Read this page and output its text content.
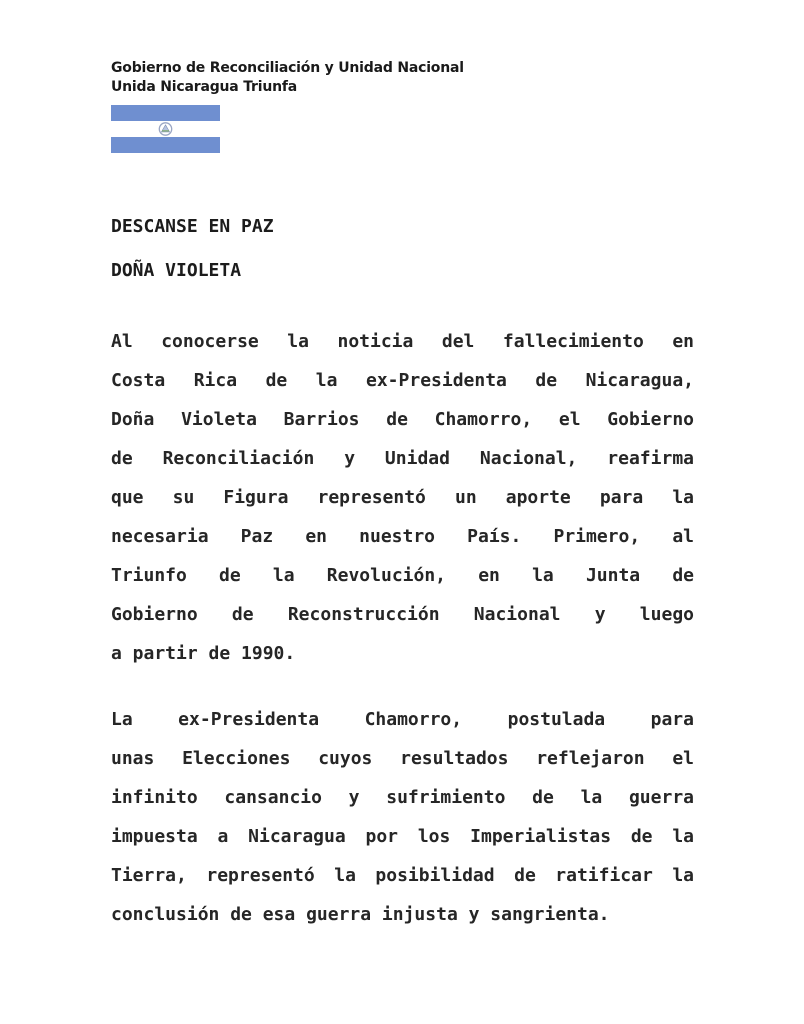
Gobierno de Reconciliación y Unidad Nacional
Unida Nicaragua Triunfa
DESCANSE EN PAZ
DOÑA VIOLETA
Al conocerse la noticia del fallecimiento en
Costa Rica de la ex-Presidenta de Nicaragua,
Doña Violeta Barrios de Chamorro, el Gobierno
de Reconciliación y Unidad Nacional, reafirma
que su Figura representó un aporte para la
necesaria Paz en nuestro País. Primero, al
Triunfo de la Revolución, en la Junta de
Gobierno de Reconstrucción Nacional y luego
a partir de 1990.
La ex-Presidenta Chamorro, postulada para
unas Elecciones cuyos resultados reflejaron el
infinito cansancio y sufrimiento de la guerra
impuesta a Nicaragua por los Imperialistas de la
Tierra, representó la posibilidad de ratificar la
conclusión de esa guerra injusta y sangrienta.
